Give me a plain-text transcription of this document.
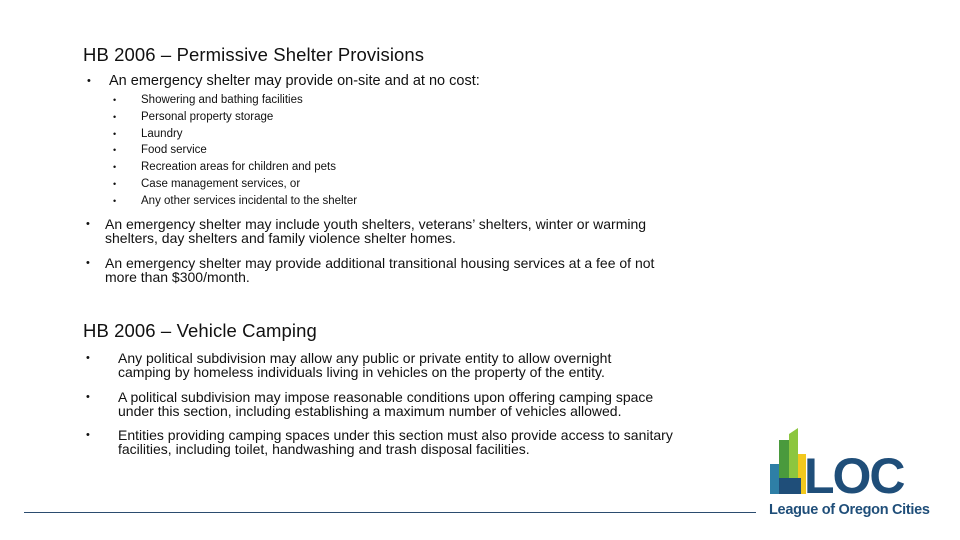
HB 2006 – Permissive Shelter Provisions
• An emergency shelter may provide on-site and at no cost:
• Showering and bathing facilities
• Personal property storage
• Laundry
• Food service
• Recreation areas for children and pets
• Case management services, or
• Any other services incidental to the shelter
• An emergency shelter may include youth shelters, veterans’ shelters, winter or warming
shelters, day shelters and family violence shelter homes.
• An emergency shelter may provide additional transitional housing services at a fee of not
more than $300/month.
HB 2006 – Vehicle Camping
• Any political subdivision may allow any public or private entity to allow overnight
camping by homeless individuals living in vehicles on the property of the entity.
• A political subdivision may impose reasonable conditions upon offering camping space
under this section, including establishing a maximum number of vehicles allowed.
• Entities providing camping spaces under this section must also provide access to sanitary
facilities, including toilet, handwashing and trash disposal facilities.	LOC
League of Oregon Cities
